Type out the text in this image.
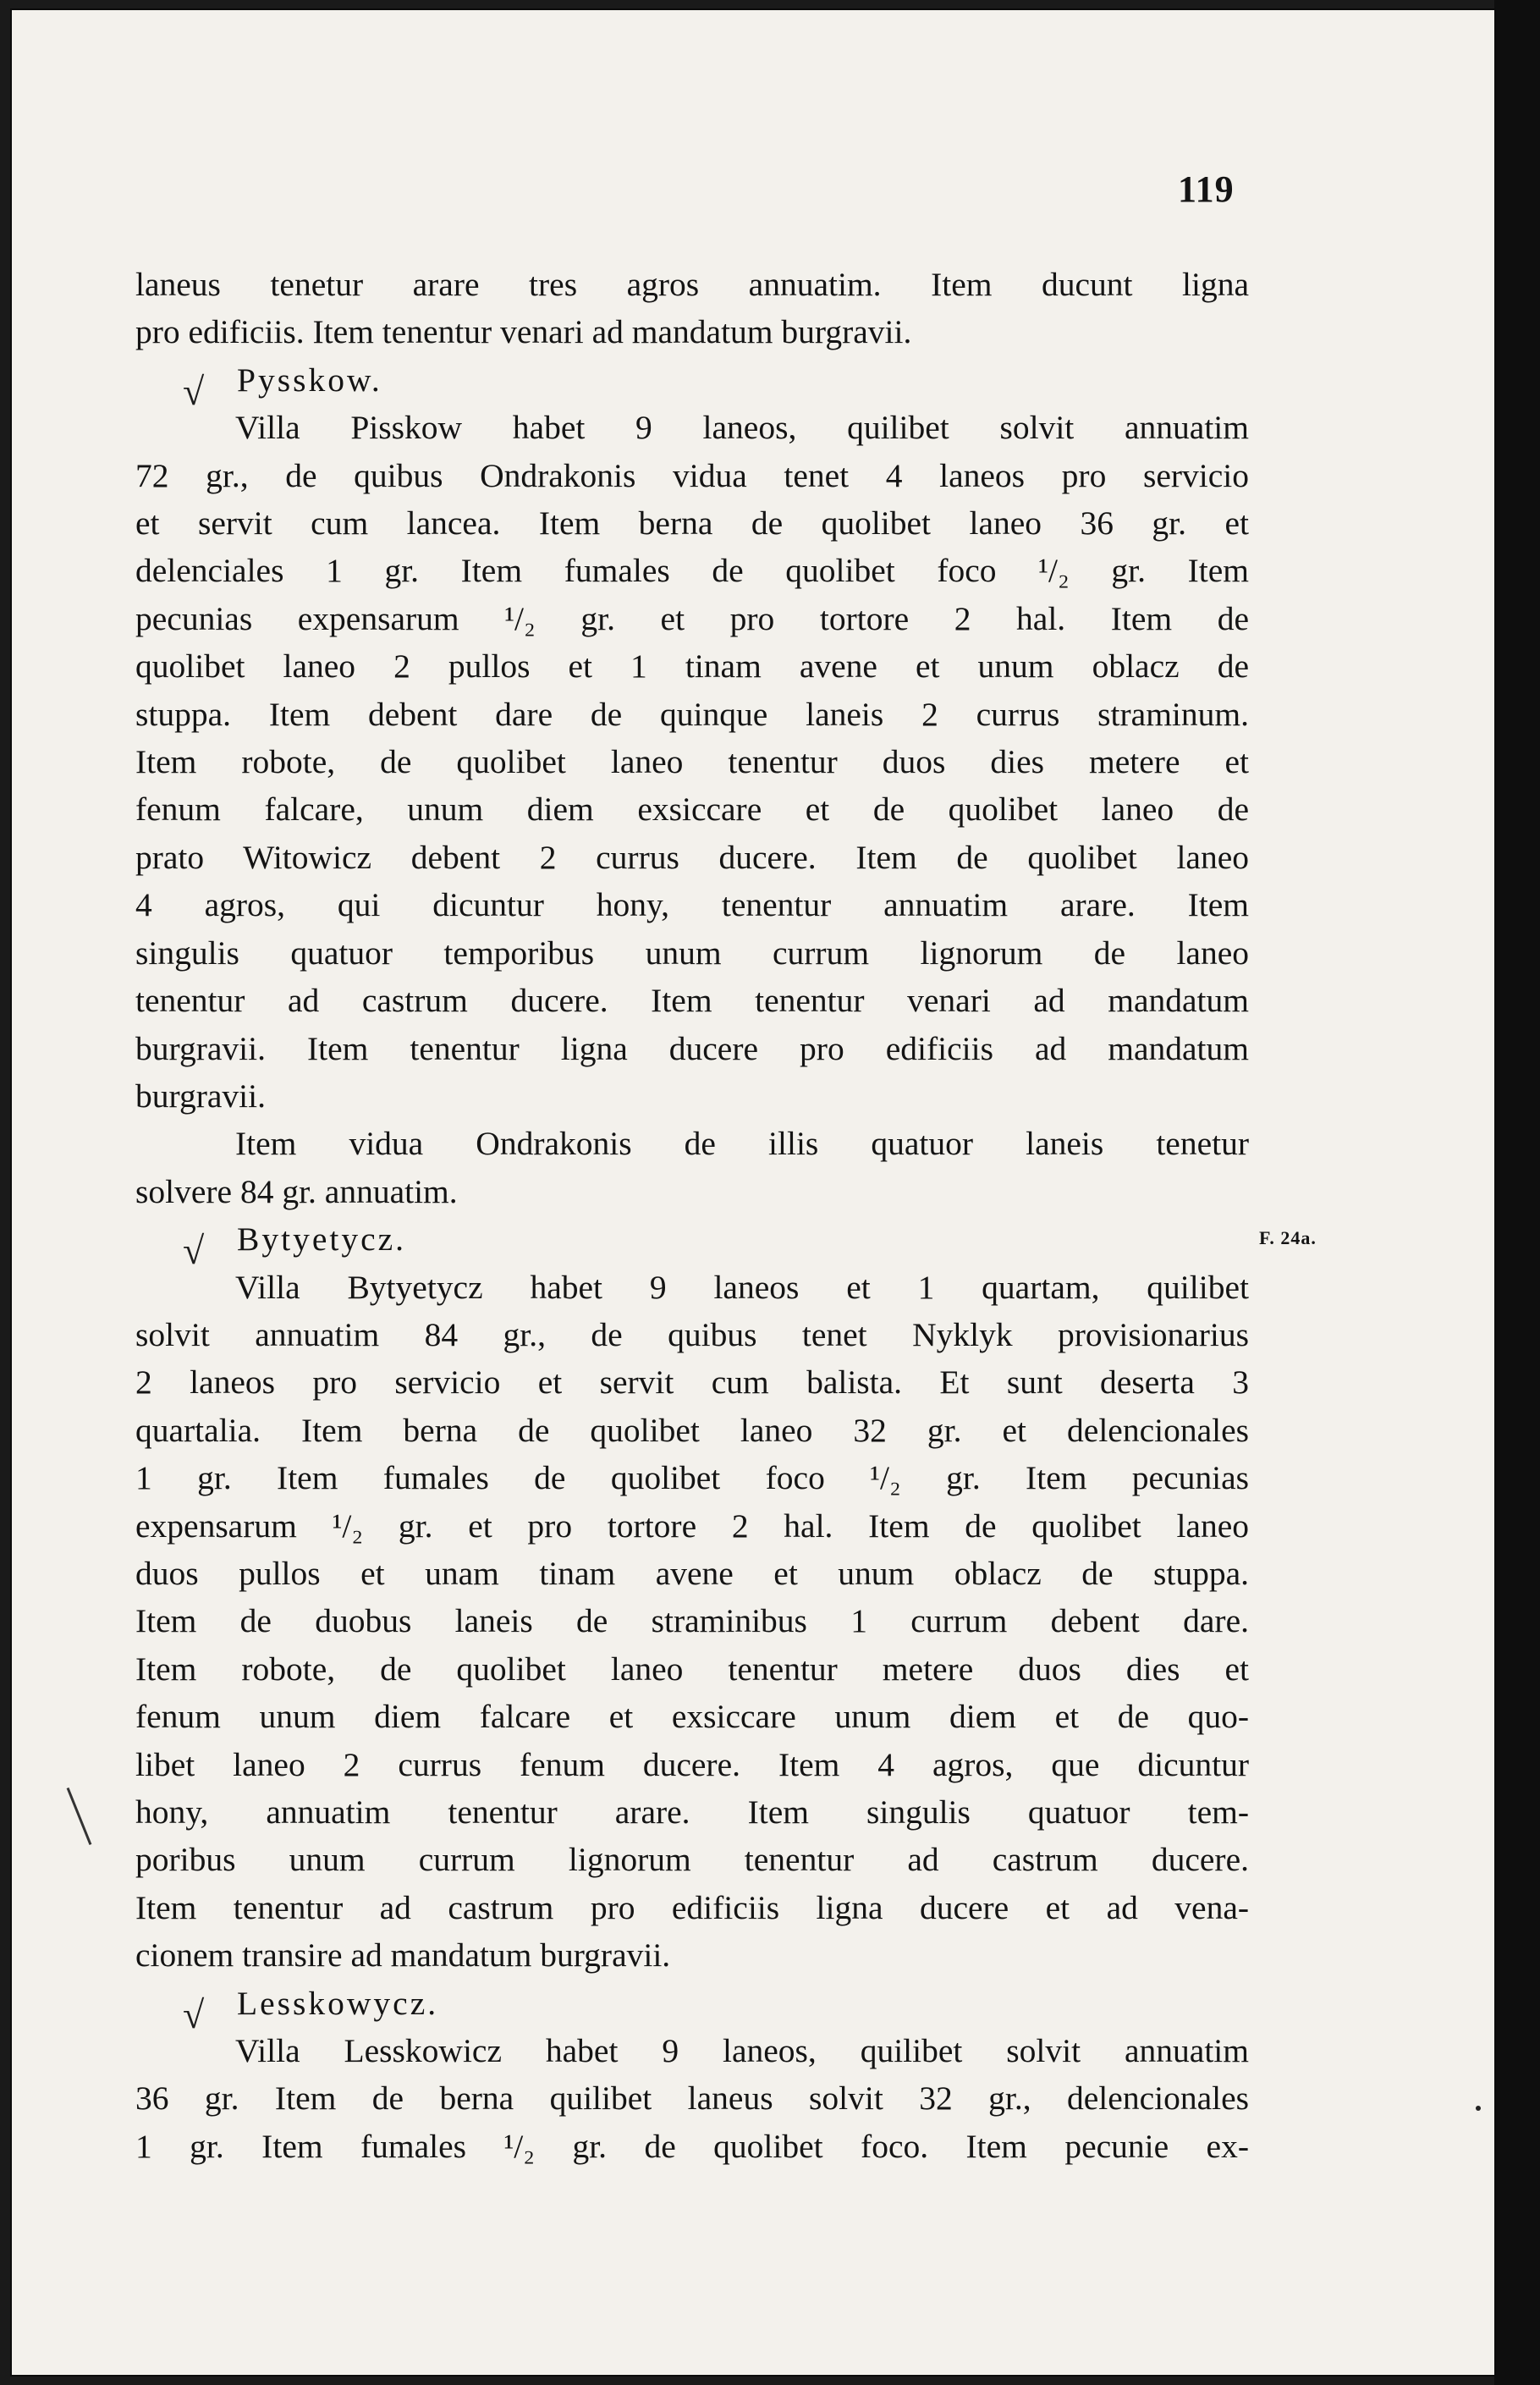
119
laneus tenetur arare tres agros annuatim. Item ducunt ligna
pro edificiis. Item tenentur venari ad mandatum burgravii.
√ Pysskow.
Villa Pisskow habet 9 laneos, quilibet solvit annuatim
72 gr., de quibus Ondrakonis vidua tenet 4 laneos pro servicio
et servit cum lancea. Item berna de quolibet laneo 36 gr. et
delenciales 1 gr. Item fumales de quolibet foco ¹/₂ gr. Item
pecunias expensarum ¹/₂ gr. et pro tortore 2 hal. Item de
quolibet laneo 2 pullos et 1 tinam avene et unum oblacz de
stuppa. Item debent dare de quinque laneis 2 currus straminum.
Item robote, de quolibet laneo tenentur duos dies metere et
fenum falcare, unum diem exsiccare et de quolibet laneo de
prato Witowicz debent 2 currus ducere. Item de quolibet laneo
4 agros, qui dicuntur hony, tenentur annuatim arare. Item
singulis quatuor temporibus unum currum lignorum de laneo
tenentur ad castrum ducere. Item tenentur venari ad mandatum
burgravii. Item tenentur ligna ducere pro edificiis ad mandatum
burgravii.
Item vidua Ondrakonis de illis quatuor laneis tenetur
solvere 84 gr. annuatim.
√ Bytyetycz.
Villa Bytyetycz habet 9 laneos et 1 quartam, quilibet
solvit annuatim 84 gr., de quibus tenet Nyklyk provisionarius
2 laneos pro servicio et servit cum balista. Et sunt deserta 3
quartalia. Item berna de quolibet laneo 32 gr. et delencionales
1 gr. Item fumales de quolibet foco ¹/₂ gr. Item pecunias
expensarum ¹/₂ gr. et pro tortore 2 hal. Item de quolibet laneo
duos pullos et unam tinam avene et unum oblacz de stuppa.
Item de duobus laneis de straminibus 1 currum debent dare.
Item robote, de quolibet laneo tenentur metere duos dies et
fenum unum diem falcare et exsiccare unum diem et de quo-
libet laneo 2 currus fenum ducere. Item 4 agros, que dicuntur
hony, annuatim tenentur arare. Item singulis quatuor tem-
poribus unum currum lignorum tenentur ad castrum ducere.
Item tenentur ad castrum pro edificiis ligna ducere et ad vena-
cionem transire ad mandatum burgravii.
√ Lesskowycz.
Villa Lesskowicz habet 9 laneos, quilibet solvit annuatim
36 gr. Item de berna quilibet laneus solvit 32 gr., delencionales
1 gr. Item fumales ¹/₂ gr. de quolibet foco. Item pecunie ex-
F. 24a.
